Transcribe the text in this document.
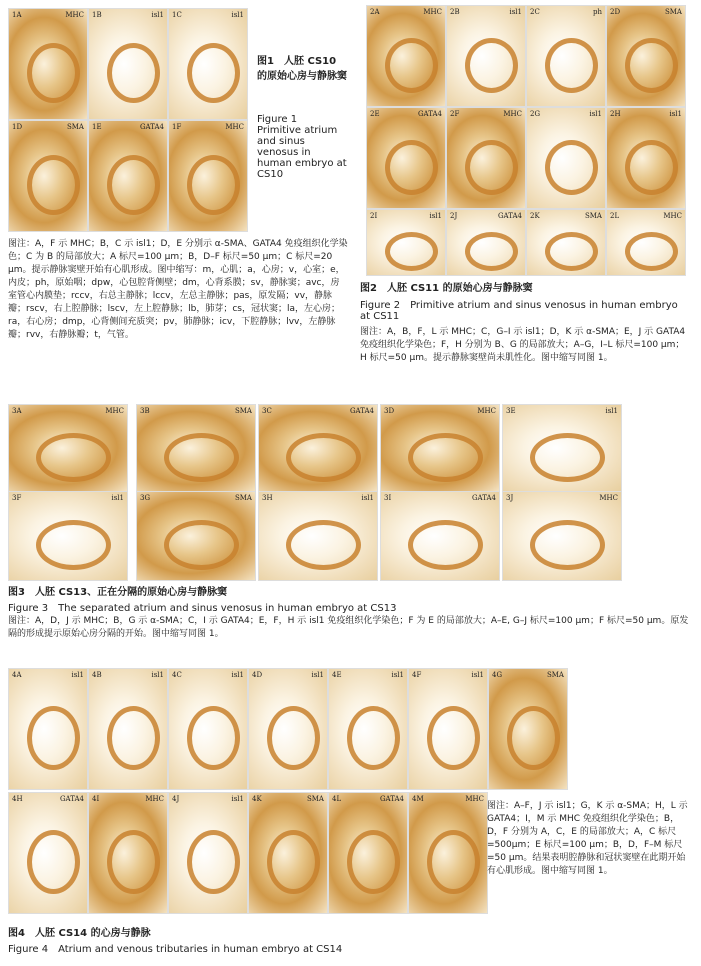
1A	MHC 1B	isl1 1C	isl1
1D	SMA 1E	GATA4 1F	MHC
图1　人胚 CS10 的原始心房与静脉窦
Figure 1　Primitive atrium and sinus venosus in human embryo at CS10
图注：A，F 示 MHC；B，C 示 isl1；D，E 分别示 α-SMA、GATA4 免疫组织化学染色；C 为 B 的局部放大；A 标尺=100 μm；B，D–F 标尺=50 μm；C 标尺=20 μm。提示静脉窦壁开始有心肌形成。图中缩写：m，心肌；a，心房；v，心室；e，内皮；ph，原始咽；dpw，心包腔背侧壁；dm，心背系膜；sv，静脉窦；avc，房室管心内膜垫；rccv，右总主静脉；lccv，左总主静脉；pas，原发隔；vv，静脉瓣；rscv，右上腔静脉；lscv，左上腔静脉；lb，肺芽；cs，冠状窦；la，左心房；ra，右心房；dmp，心背侧间充质突；pv，肺静脉；icv，下腔静脉；lvv，左静脉瓣；rvv，右静脉瓣；t，气管。
2A	MHC 2B	isl1 2C	ph 2D	SMA
2E	GATA4 2F	MHC 2G	isl1 2H	isl1
2I	isl1 2J	GATA4 2K	SMA 2L	MHC
图2　人胚 CS11 的原始心房与静脉窦
Figure 2　Primitive atrium and sinus venosus in human embryo at CS11
图注：A，B，F，L 示 MHC；C，G–I 示 isl1；D，K 示 α-SMA；E，J 示 GATA4 免疫组织化学染色；F，H 分别为 B、G 的局部放大；A–G，I–L 标尺=100 μm；H 标尺=50 μm。提示静脉窦壁尚未肌性化。图中缩写同图 1。
3A	MHC 3B	SMA 3C	GATA4 3D	MHC 3E	isl1
3F	isl1 3G	SMA 3H	isl1 3I	GATA4 3J	MHC
图3　人胚 CS13、正在分隔的原始心房与静脉窦
Figure 3　The separated atrium and sinus venosus in human embryo at CS13
图注：A，D，J 示 MHC；B，G 示 α-SMA；C，I 示 GATA4；E，F，H 示 isl1 免疫组织化学染色；F 为 E 的局部放大；A–E, G–J 标尺=100 μm；F 标尺=50 μm。原发隔的形成提示原始心房分隔的开始。图中缩写同图 1。
4A	isl1 4B	isl1 4C	isl1 4D	isl1 4E	isl1 4F	isl1 4G	SMA
4H	GATA4 4I	MHC 4J	isl1 4K	SMA 4L	GATA4 4M	MHC
图注：A–F，J 示 isl1；G，K 示 α-SMA；H，L 示 GATA4；I，M 示 MHC 免疫组织化学染色；B，D，F 分别为 A，C，E 的局部放大；A，C 标尺=500μm；E 标尺=100 μm；B，D，F–M 标尺=50 μm。结果表明腔静脉和冠状窦壁在此期开始有心肌形成。图中缩写同图 1。
图4　人胚 CS14 的心房与静脉
Figure 4　Atrium and venous tributaries in human embryo at CS14
